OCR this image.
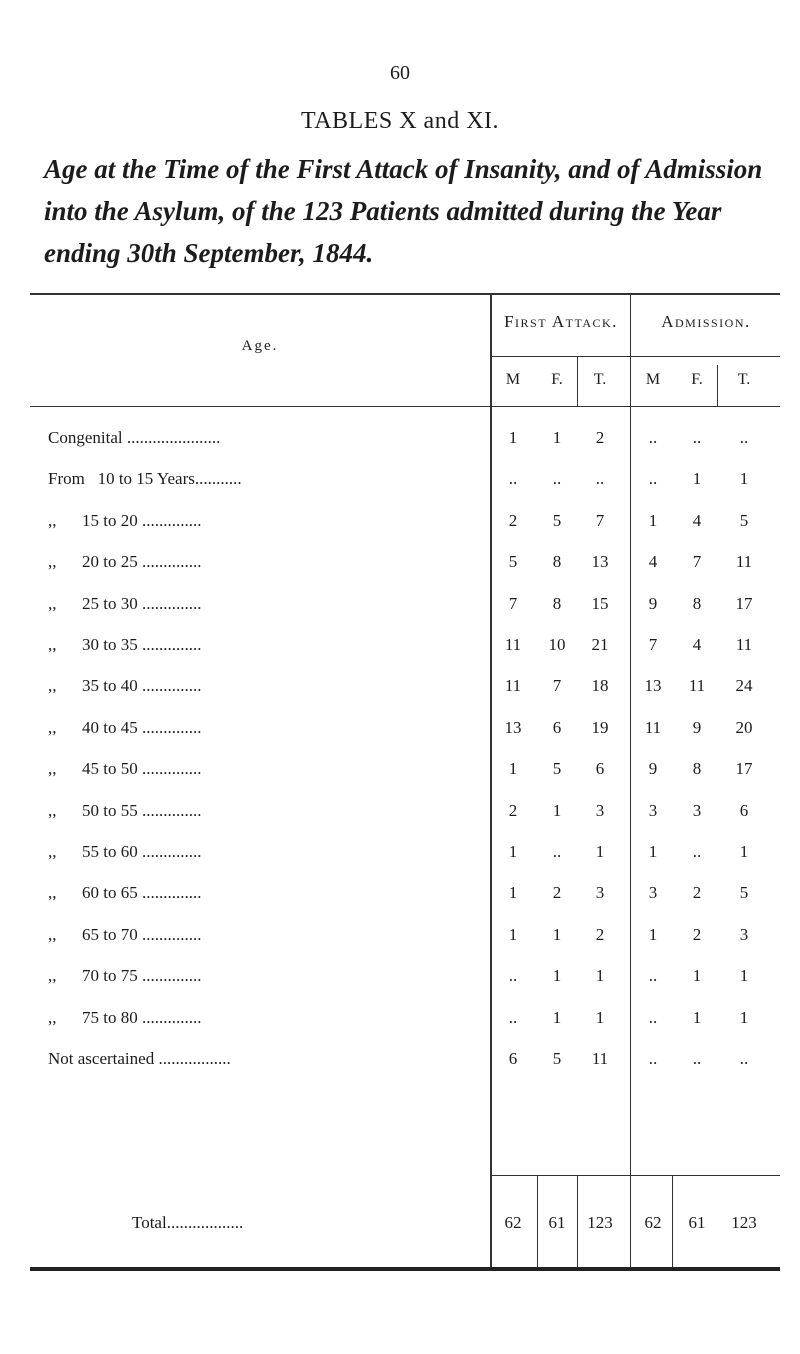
60
TABLES X and XI.
Age at the Time of the First Attack of Insanity, and of Admission into the Asylum, of the 123 Patients admitted during the Year ending 30th September, 1844.
Age.
First Attack.	Admission.
M	F.	T.	M	F.	T.
Congenital ......................	1	1	2	..	..	..
From   10 to 15 Years...........	..	..	..	..	1	1
,,      15 to 20 ..............	2	5	7	1	4	5
,,      20 to 25 ..............	5	8	13	4	7	11
,,      25 to 30 ..............	7	8	15	9	8	17
,,      30 to 35 ..............	11	10	21	7	4	11
,,      35 to 40 ..............	11	7	18	13	11	24
,,      40 to 45 ..............	13	6	19	11	9	20
,,      45 to 50 ..............	1	5	6	9	8	17
,,      50 to 55 ..............	2	1	3	3	3	6
,,      55 to 60 ..............	1	..	1	1	..	1
,,      60 to 65 ..............	1	2	3	3	2	5
,,      65 to 70 ..............	1	1	2	1	2	3
,,      70 to 75 ..............	..	1	1	..	1	1
,,      75 to 80 ..............	..	1	1	..	1	1
Not ascertained .................	6	5	11	..	..	..
Total..................	62	61	123	62	61	123
